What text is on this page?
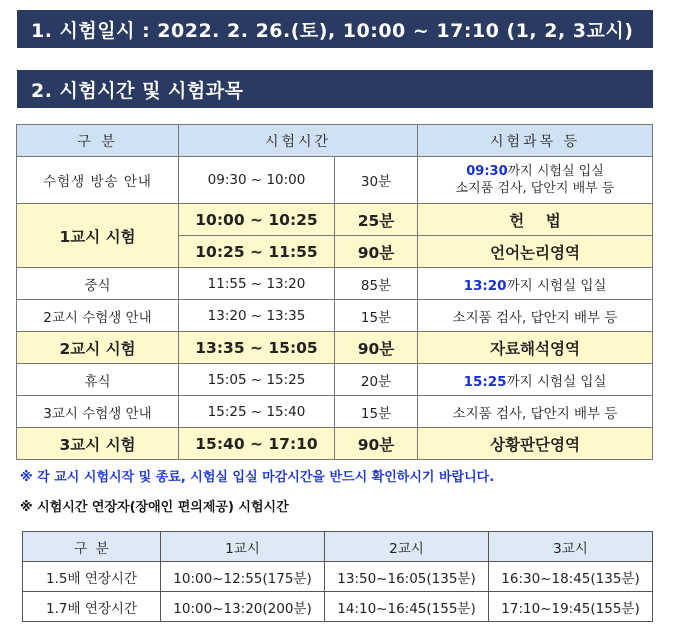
1. 시험일시 : 2022. 2. 26.(토), 10:00 ~ 17:10 (1, 2, 3교시)
2. 시험시간 및 시험과목
구 분	시험시간		시험과목 등
수험생 방송 안내	09:30 ~ 10:00	30분	09:30까지 시험실 입실
소지품 검사, 답안지 배부 등

1교시 시험	10:00 ~ 10:25	25분	헌    법
	10:25 ~ 11:55	90분	언어논리영역
중식	11:55 ~ 13:20	85분	13:20까지 시험실 입실
2교시 수험생 안내	13:20 ~ 13:35	15분	소지품 검사, 답안지 배부 등
2교시 시험	13:35 ~ 15:05	90분	자료해석영역
휴식	15:05 ~ 15:25	20분	15:25까지 시험실 입실
3교시 수험생 안내	15:25 ~ 15:40	15분	소지품 검사, 답안지 배부 등
3교시 시험	15:40 ~ 17:10	90분	상황판단영역
※ 각 교시 시험시작 및 종료, 시험실 입실 마감시간을 반드시 확인하시기 바랍니다.
※ 시험시간 연장자(장애인 편의제공) 시험시간
구  분	1교시	2교시	3교시
1.5배 연장시간	10:00~12:55(175분)	13:50~16:05(135분)	16:30~18:45(135분)
1.7배 연장시간	10:00~13:20(200분)	14:10~16:45(155분)	17:10~19:45(155분)
